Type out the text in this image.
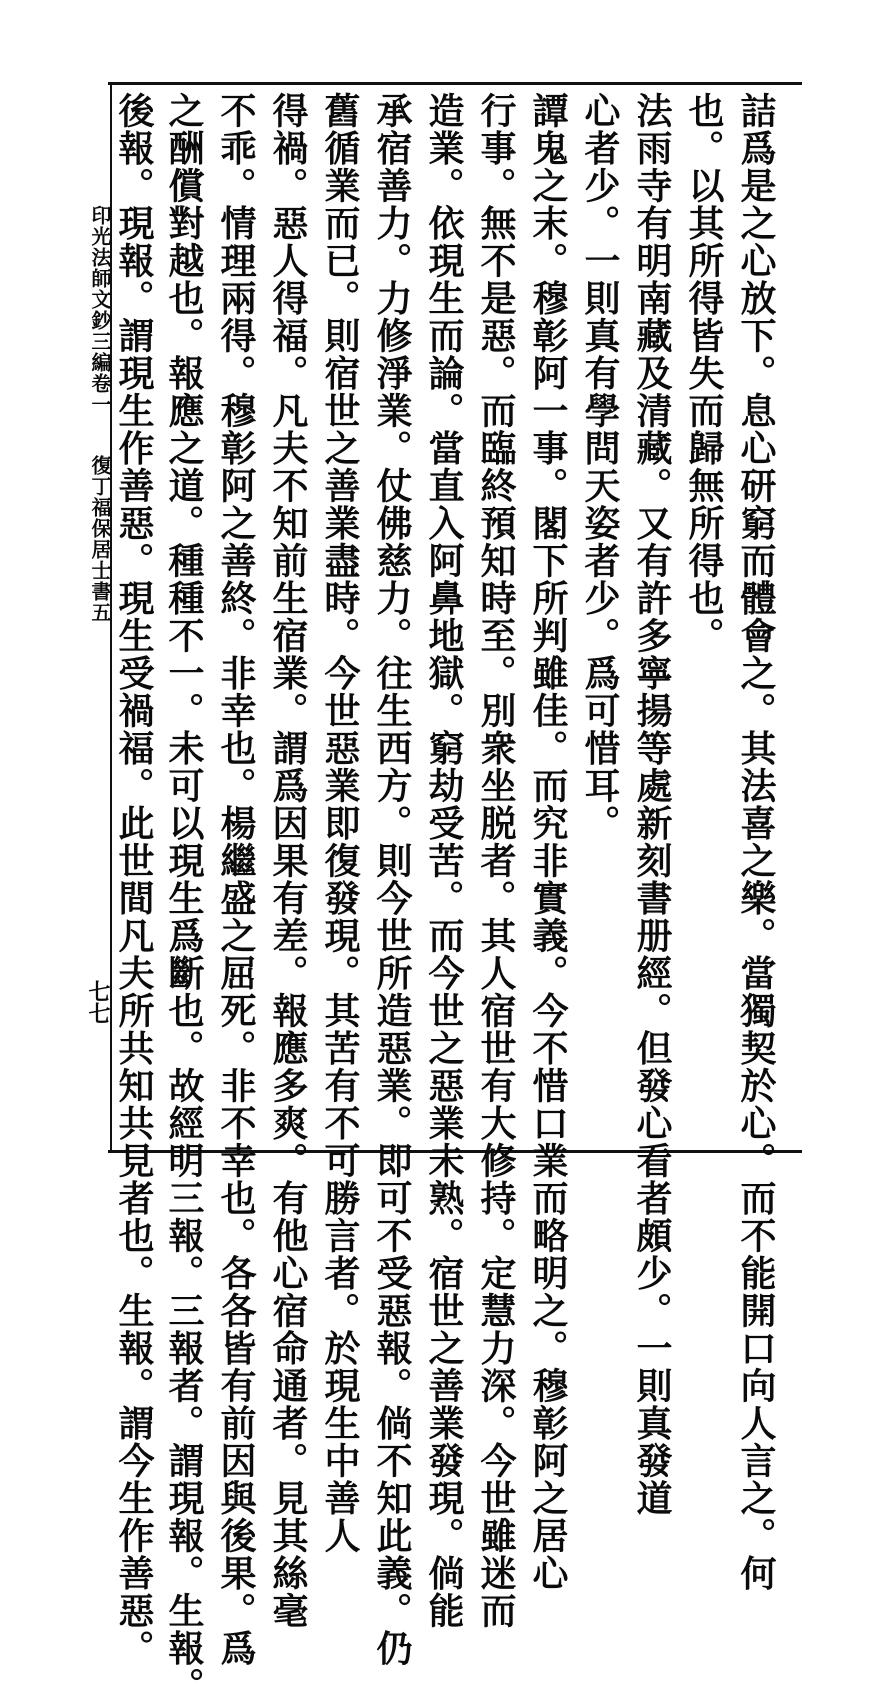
印光法師文鈔三編卷一
復丁福保居士書五
七七	詰爲是之心放下。息心研窮而體會之。其法喜之樂。當獨契於心。而不能開口向人言之。何
也。以其所得皆失而歸無所得也。
法雨寺有明南藏及清藏。又有許多寧揚等處新刻書册經。但發心看者頗少。一則真發道
心者少。一則真有學問天姿者少。爲可惜耳。
譚鬼之末。穆彰阿一事。閣下所判雖佳。而究非實義。今不惜口業而略明之。穆彰阿之居心
行事。無不是惡。而臨終預知時至。別衆坐脱者。其人宿世有大修持。定慧力深。今世雖迷而
造業。依現生而論。當直入阿鼻地獄。窮劫受苦。而今世之惡業未熟。宿世之善業發現。倘能
承宿善力。力修淨業。仗佛慈力。往生西方。則今世所造惡業。即可不受惡報。倘不知此義。仍
舊循業而已。則宿世之善業盡時。今世惡業即復發現。其苦有不可勝言者。於現生中善人
得禍。惡人得福。凡夫不知前生宿業。謂爲因果有差。報應多爽。有他心宿命通者。見其絲毫
不乖。情理兩得。穆彰阿之善終。非幸也。楊繼盛之屈死。非不幸也。各各皆有前因與後果。爲
之酬償對越也。報應之道。種種不一。未可以現生爲斷也。故經明三報。三報者。謂現報。生報。
後報。現報。謂現生作善惡。現生受禍福。此世間凡夫所共知共見者也。生報。謂今生作善惡。
